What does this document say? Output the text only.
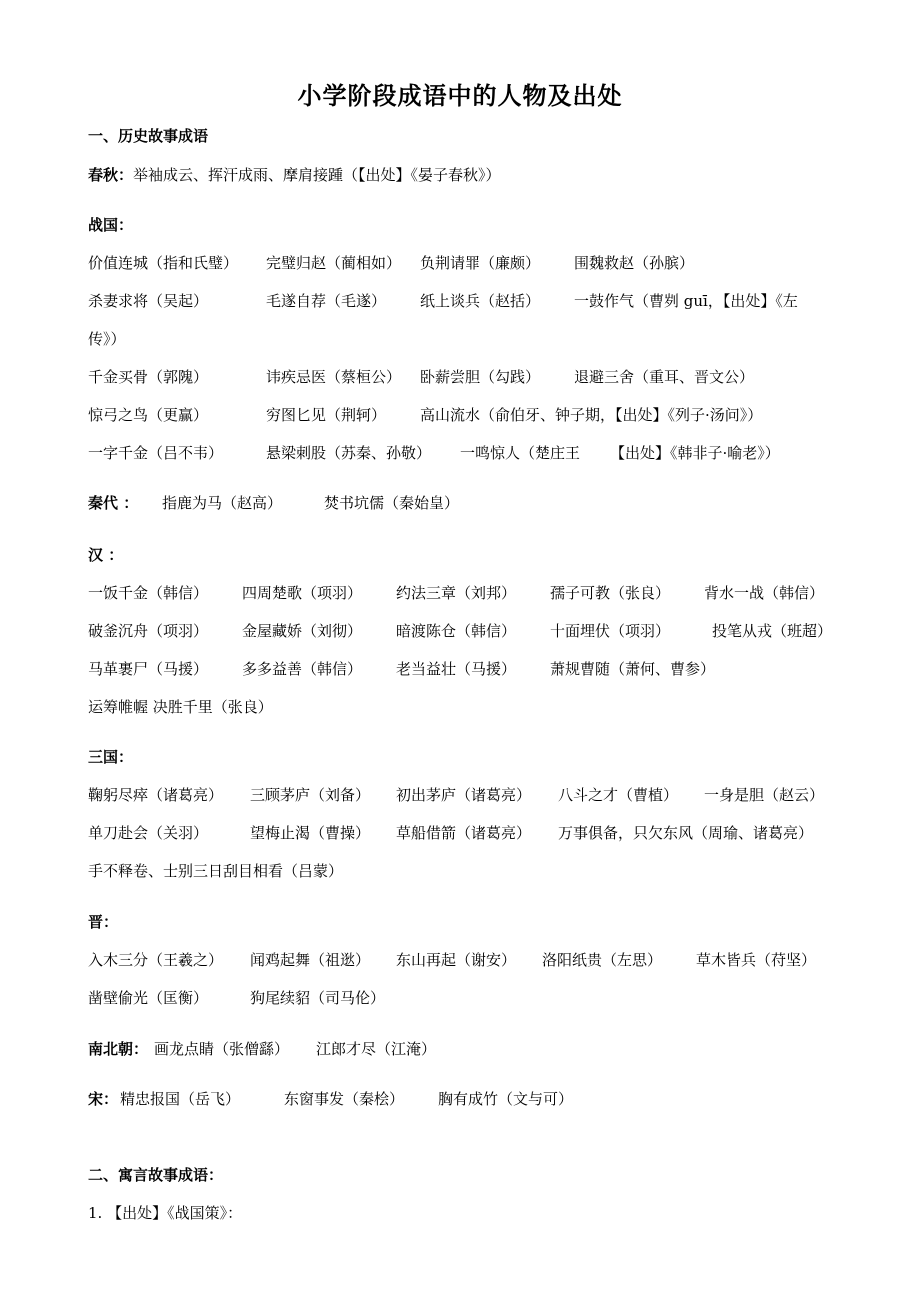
小学阶段成语中的人物及出处
一、历史故事成语
春秋：举袖成云、挥汗成雨、摩肩接踵（【出处】《晏子春秋》）
战国：
价值连城（指和氏璧） 完璧归赵（蔺相如） 负荆请罪（廉颇） 围魏救赵（孙膑）
杀妻求将（吴起）	毛遂自荐（毛遂） 纸上谈兵（赵括） 一鼓作气（曹刿 guī，【出处】《左
传》）
千金买骨（郭隗）	讳疾忌医（蔡桓公） 卧薪尝胆（勾践） 退避三舍（重耳、晋文公）
惊弓之鸟（更赢）	穷图匕见（荆轲） 高山流水（俞伯牙、钟子期，【出处】《列子·汤问》）
一字千金（吕不韦）	悬梁刺股（苏秦、孙敬） 一鸣惊人（楚庄王 【出处】《韩非子·喻老》）
秦代 ： 指鹿为马（赵高）	焚书坑儒（秦始皇）
汉 ：
一饭千金（韩信） 四周楚歌（项羽） 约法三章（刘邦） 孺子可教（张良） 背水一战（韩信）
破釜沉舟（项羽） 金屋藏娇（刘彻） 暗渡陈仓（韩信） 十面埋伏（项羽）	投笔从戎（班超）
马革裹尸（马援） 多多益善（韩信） 老当益壮（马援） 萧规曹随（萧何、曹参）
运筹帷幄 决胜千里（张良）
三国：
鞠躬尽瘁（诸葛亮） 三顾茅庐（刘备） 初出茅庐（诸葛亮） 八斗之才（曹植） 一身是胆（赵云）
单刀赴会（关羽）	望梅止渴（曹操） 草船借箭（诸葛亮） 万事俱备，只欠东风（周瑜、诸葛亮）
手不释卷、士别三日刮目相看（吕蒙）
晋：
入木三分（王羲之） 闻鸡起舞（祖逖） 东山再起（谢安） 洛阳纸贵（左思） 草木皆兵（苻坚）
凿壁偷光（匡衡）	狗尾续貂（司马伦）
南北朝： 画龙点睛（张僧繇） 江郎才尽（江淹）
宋： 精忠报国（岳飞）	东窗事发（秦桧） 胸有成竹（文与可）
二、寓言故事成语：
1. 【出处】《战国策》：
